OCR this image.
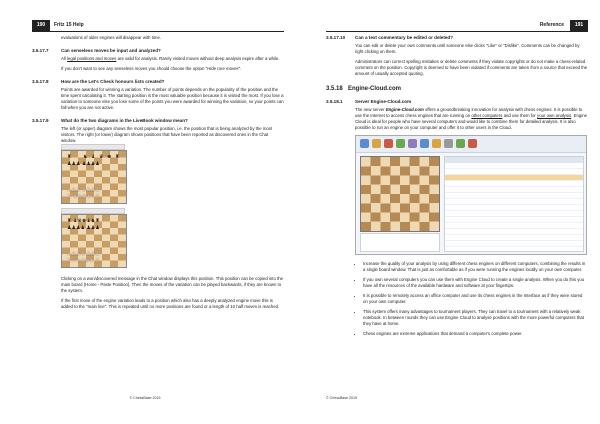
190	Fritz 15 Help
evaluations of older engines will disappear with time.
3.5.17.7	Can senseless moves be input and analyzed?
All legal positions and moves are valid for analysis. Rarely visited moves without deep analysis expire after a while.
If you don't want to see any senseless moves you should choose the option "Hide rare moves".
3.5.17.8	How are the Let's Check honours lists created?
Points are awarded for winning a variation. The number of points depends on the popularity of the position and the time spent calculating it. The starting position is the most valuable position because it is visited the most. If you lose a variation to someone else you lose some of the points you were awarded for winning the variation, so your points can fall when you are not active.
3.5.17.9	What do the two diagrams in the LiveBook window mean?
The left (or upper) diagram shows the most popular position, i.e. the position that is being analyzed by the most visitors. The right (or lower) diagram shows positions that have been reported as discovered ones in the Chat window.
♜ ♞ ♝ ♛ ♚ ♜
♟♟♟ ♟♟♟♟
♙♙♙ ♙♙♙♙
♖ ♗♕♔♗♘♖
♜ ♝♛♚♝♞♜
♟♟♟♟ ♟♟♟
♙♙♙♙ ♙♙♙
♖♘♗♕♔♗ ♖
Clicking on a won/discovered message in the Chat window displays this position. This position can be copied into the main board (Home - Paste Position). Then the moves of the variation can be played backwards, if they are known to the system.
If the first move of the engine variation leads to a position which also has a deeply analyzed engine move this is added to the "main line". This is repeated until no more positions are found or a length of 10 half moves is reached.
© ChessBase 2015
Reference	191
3.5.17.10 Can a text commentary be edited or deleted?
You can edit or delete your own comments until someone else clicks "Like" or "Dislike". Comments can be changed by right clicking on them.
Administrators can correct spelling mistakes or delete comments if they violate copyrights or do not make a chess-related comment on the position. Copyright is deemed to have been violated if comments are taken from a source that exceed the amount of usually accepted quoting.
3.5.18 Engine-Cloud.com
3.5.18.1	Server Engine-Cloud.com
The new server Engine-Cloud.com offers a groundbreaking innovation for analysis with chess engines. It is possible to use the Internet to access chess engines that are running on other computers and use them for your own analysis. Engine Cloud is ideal for people who have several computers and would like to combine them for detailed analysis. It is also possible to run an engine on your computer and offer it to other users in the Cloud.
• Increase the quality of your analysis by using different chess engines on different computers, combining the results in a single board window. That is just as comfortable as if you were running the engines locally on your own computer.
• If you own several computers you can use them with Engine Cloud to create a single analysis. When you do this you have all the resources of the available hardware and software at your fingertips.
• It is possible to remotely access an office computer and use its chess engines in the Interface as if they were stored on your own computer.
• This system offers many advantages to tournament players. They can travel to a tournament with a relatively weak notebook. In between rounds they can use Engine Cloud to analyse positions with the more powerful computers that they have at home.
• Chess engines are extreme applications that demand a computer's complete power.
© ChessBase 2015
